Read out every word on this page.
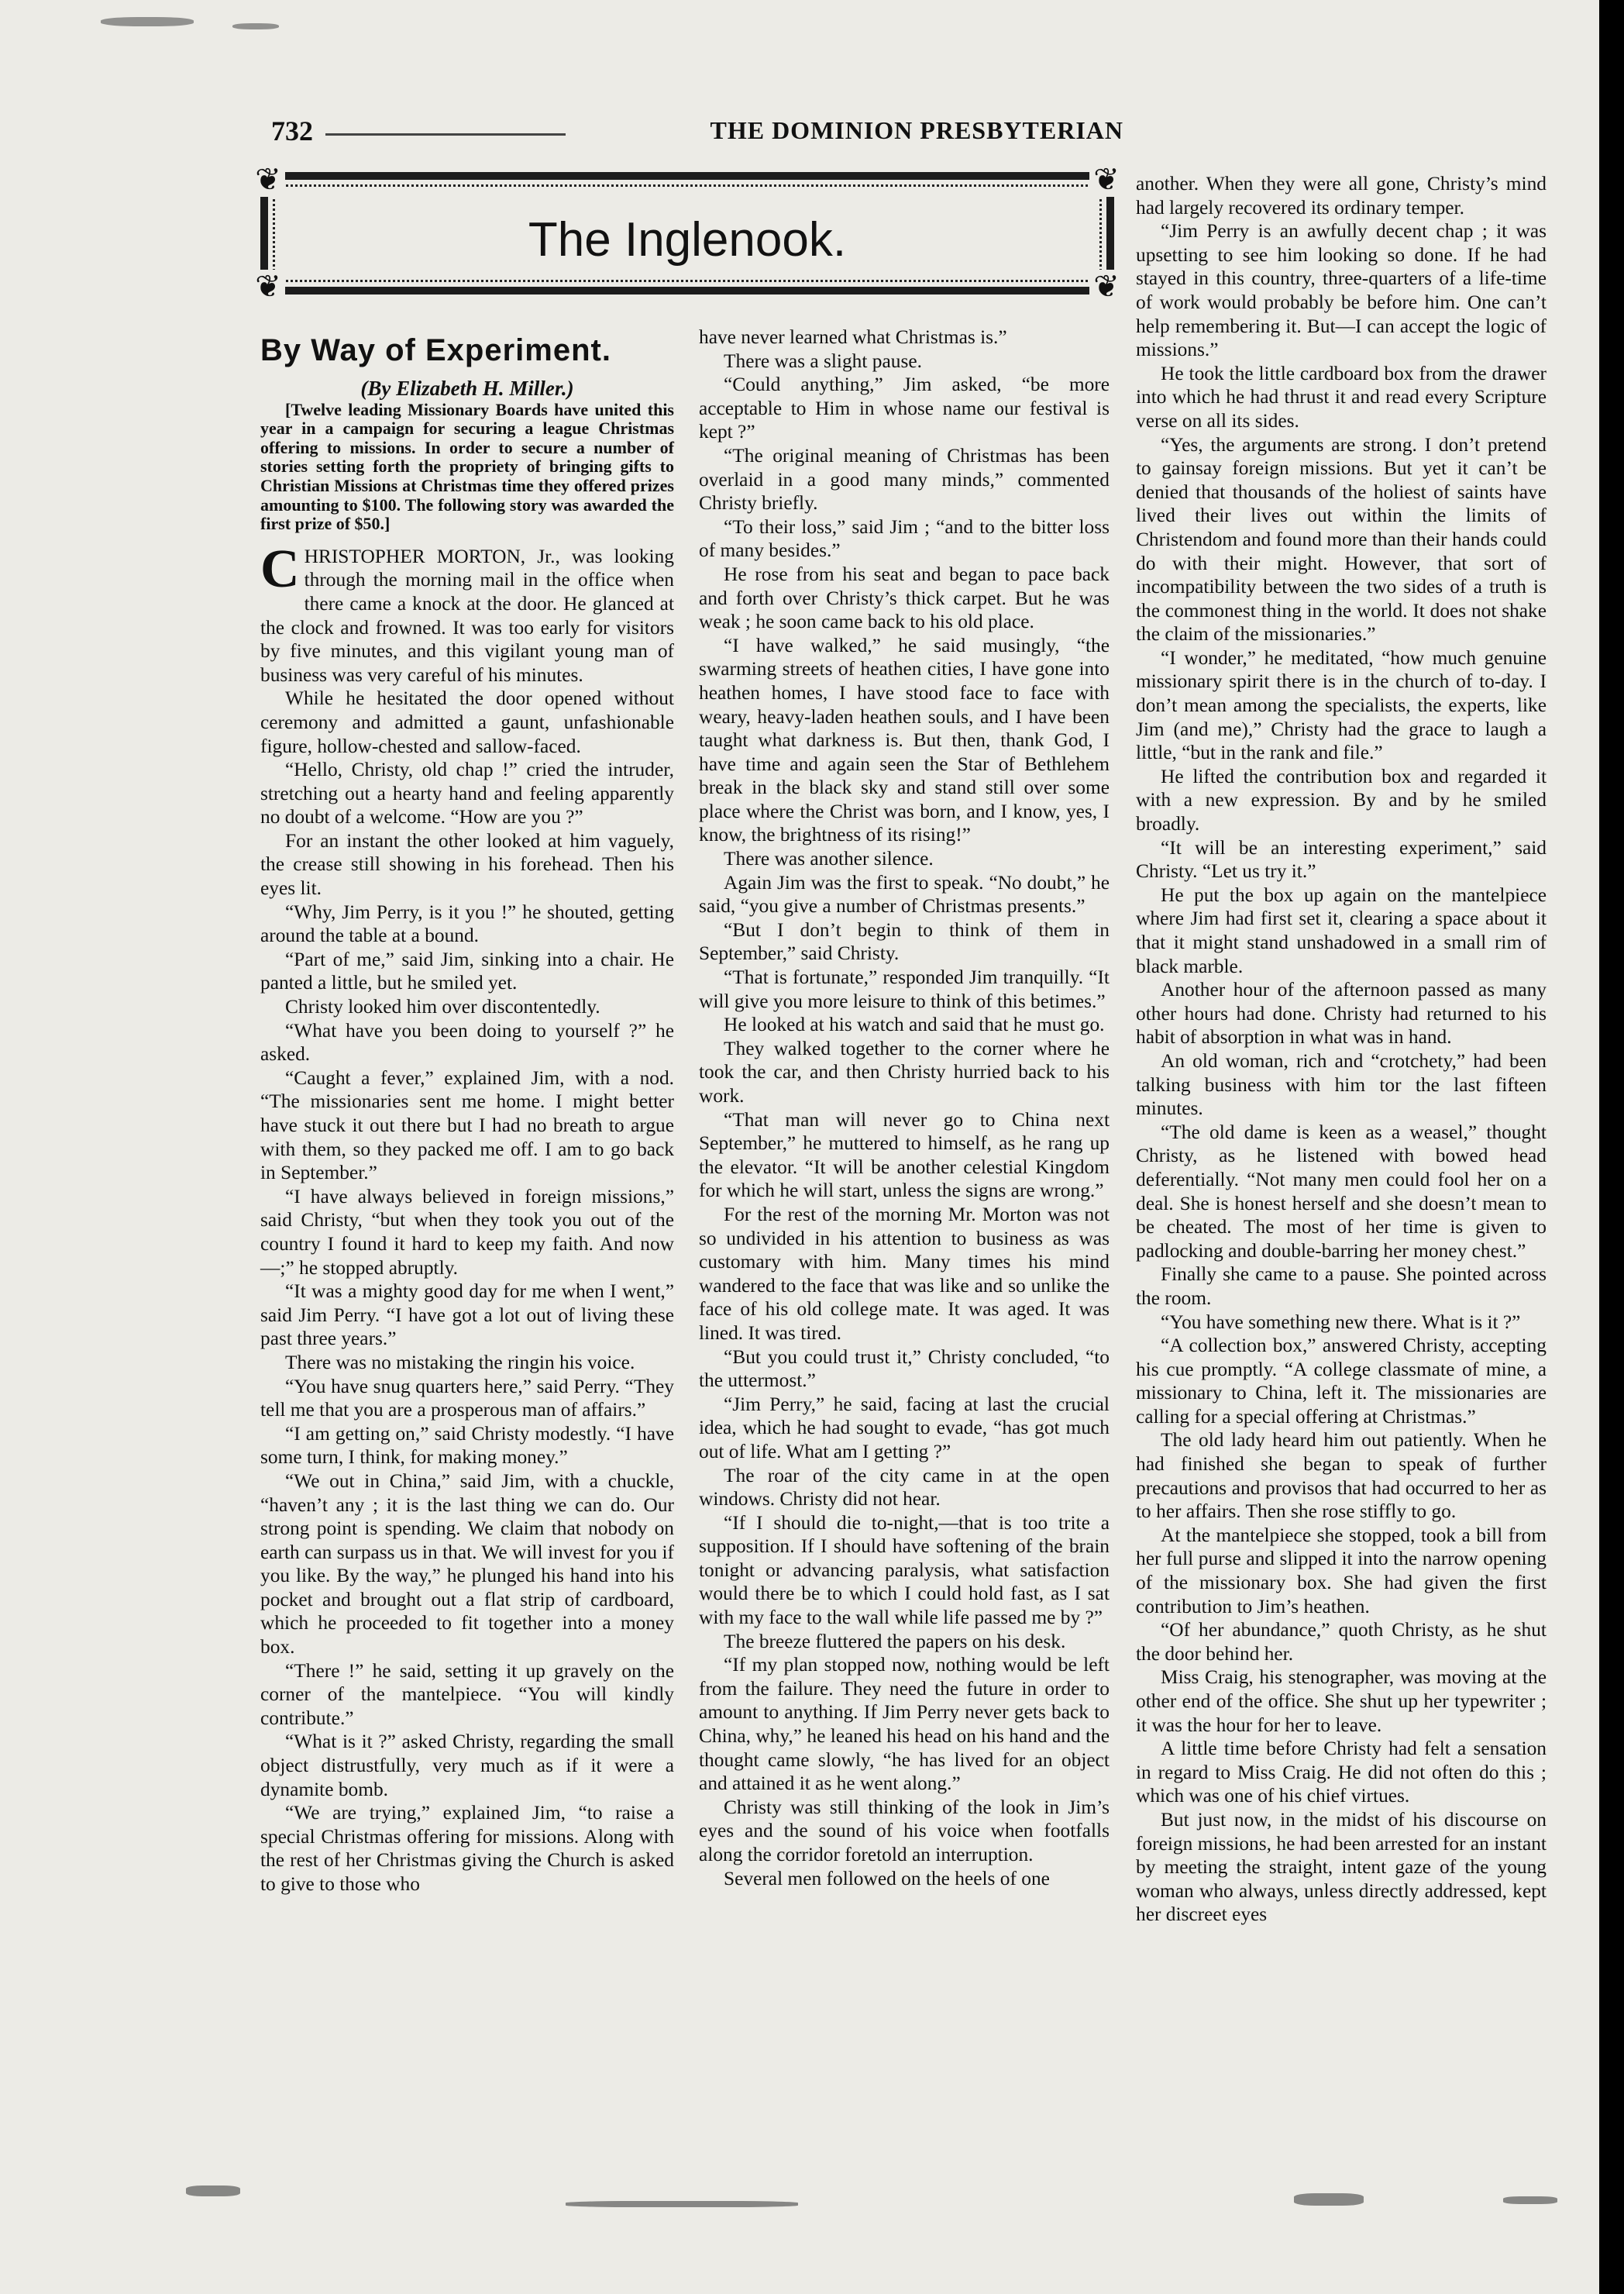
732	THE DOMINION PRESBYTERIAN
❦	❦
❦	❦
The Inglenook.
By Way of Experiment.

(By Elizabeth H. Miller.)

[Twelve leading Missionary Boards have united this year in a campaign for securing a league Christmas offering to missions. In order to secure a number of stories setting forth the propriety of bringing gifts to Christian Missions at Christmas time they offered prizes amounting to $100. The following story was awarded the first prize of $50.]

CHRISTOPHER MORTON, Jr., was looking through the morning mail in the office when there came a knock at the door. He glanced at the clock and frowned. It was too early for visitors by five minutes, and this vigilant young man of business was very careful of his minutes.

While he hesitated the door opened without ceremony and admitted a gaunt, unfashionable figure, hollow-chested and sallow-faced.

“Hello, Christy, old chap !” cried the intruder, stretching out a hearty hand and feeling apparently no doubt of a welcome. “How are you ?”

For an instant the other looked at him vaguely, the crease still showing in his forehead. Then his eyes lit.

“Why, Jim Perry, is it you !” he shouted, getting around the table at a bound.

“Part of me,” said Jim, sinking into a chair. He panted a little, but he smiled yet.

Christy looked him over discontentedly.

“What have you been doing to yourself ?” he asked.

“Caught a fever,” explained Jim, with a nod. “The missionaries sent me home. I might better have stuck it out there but I had no breath to argue with them, so they packed me off. I am to go back in September.”

“I have always believed in foreign missions,” said Christy, “but when they took you out of the country I found it hard to keep my faith. And now—;” he stopped abruptly.

“It was a mighty good day for me when I went,” said Jim Perry. “I have got a lot out of living these past three years.”

There was no mistaking the ringin his voice.

“You have snug quarters here,” said Perry. “They tell me that you are a prosperous man of affairs.”

“I am getting on,” said Christy modestly. “I have some turn, I think, for making money.”

“We out in China,” said Jim, with a chuckle, “haven’t any ; it is the last thing we can do. Our strong point is spending. We claim that nobody on earth can surpass us in that. We will invest for you if you like. By the way,” he plunged his hand into his pocket and brought out a flat strip of cardboard, which he proceeded to fit together into a money box.

“There !” he said, setting it up gravely on the corner of the mantelpiece. “You will kindly contribute.”

“What is it ?” asked Christy, regarding the small object distrustfully, very much as if it were a dynamite bomb.

“We are trying,” explained Jim, “to raise a special Christmas offering for missions. Along with the rest of her Christmas giving the Church is asked to give to those who

have never learned what Christmas is.”

There was a slight pause.

“Could anything,” Jim asked, “be more acceptable to Him in whose name our festival is kept ?”

“The original meaning of Christmas has been overlaid in a good many minds,” commented Christy briefly.

“To their loss,” said Jim ; “and to the bitter loss of many besides.”

He rose from his seat and began to pace back and forth over Christy’s thick carpet. But he was weak ; he soon came back to his old place.

“I have walked,” he said musingly, “the swarming streets of heathen cities, I have gone into heathen homes, I have stood face to face with weary, heavy-laden heathen souls, and I have been taught what darkness is. But then, thank God, I have time and again seen the Star of Bethlehem break in the black sky and stand still over some place where the Christ was born, and I know, yes, I know, the brightness of its rising!”

There was another silence.

Again Jim was the first to speak. “No doubt,” he said, “you give a number of Christmas presents.”

“But I don’t begin to think of them in September,” said Christy.

“That is fortunate,” responded Jim tranquilly. “It will give you more leisure to think of this betimes.”

He looked at his watch and said that he must go.

They walked together to the corner where he took the car, and then Christy hurried back to his work.

“That man will never go to China next September,” he muttered to himself, as he rang up the elevator. “It will be another celestial Kingdom for which he will start, unless the signs are wrong.”

For the rest of the morning Mr. Morton was not so undivided in his attention to business as was customary with him. Many times his mind wandered to the face that was like and so unlike the face of his old college mate. It was aged. It was lined. It was tired.

“But you could trust it,” Christy concluded, “to the uttermost.”

“Jim Perry,” he said, facing at last the crucial idea, which he had sought to evade, “has got much out of life. What am I getting ?”

The roar of the city came in at the open windows. Christy did not hear.

“If I should die to-night,—that is too trite a supposition. If I should have softening of the brain tonight or advancing paralysis, what satisfaction would there be to which I could hold fast, as I sat with my face to the wall while life passed me by ?”

The breeze fluttered the papers on his desk.

“If my plan stopped now, nothing would be left from the failure. They need the future in order to amount to anything. If Jim Perry never gets back to China, why,” he leaned his head on his hand and the thought came slowly, “he has lived for an object and attained it as he went along.”

Christy was still thinking of the look in Jim’s eyes and the sound of his voice when footfalls along the corridor foretold an interruption.

Several men followed on the heels of one

another. When they were all gone, Christy’s mind had largely recovered its ordinary temper.

“Jim Perry is an awfully decent chap ; it was upsetting to see him looking so done. If he had stayed in this country, three-quarters of a life-time of work would probably be before him. One can’t help remembering it. But—I can accept the logic of missions.”

He took the little cardboard box from the drawer into which he had thrust it and read every Scripture verse on all its sides.

“Yes, the arguments are strong. I don’t pretend to gainsay foreign missions. But yet it can’t be denied that thousands of the holiest of saints have lived their lives out within the limits of Christendom and found more than their hands could do with their might. However, that sort of incompatibility between the two sides of a truth is the commonest thing in the world. It does not shake the claim of the missionaries.”

“I wonder,” he meditated, “how much genuine missionary spirit there is in the church of to-day. I don’t mean among the specialists, the experts, like Jim (and me),” Christy had the grace to laugh a little, “but in the rank and file.”

He lifted the contribution box and regarded it with a new expression. By and by he smiled broadly.

“It will be an interesting experiment,” said Christy. “Let us try it.”

He put the box up again on the mantelpiece where Jim had first set it, clearing a space about it that it might stand unshadowed in a small rim of black marble.

Another hour of the afternoon passed as many other hours had done. Christy had returned to his habit of absorption in what was in hand.

An old woman, rich and “crotchety,” had been talking business with him tor the last fifteen minutes.

“The old dame is keen as a weasel,” thought Christy, as he listened with bowed head deferentially. “Not many men could fool her on a deal. She is honest herself and she doesn’t mean to be cheated. The most of her time is given to padlocking and double-barring her money chest.”

Finally she came to a pause. She pointed across the room.

“You have something new there. What is it ?”

“A collection box,” answered Christy, accepting his cue promptly. “A college classmate of mine, a missionary to China, left it. The missionaries are calling for a special offering at Christmas.”

The old lady heard him out patiently. When he had finished she began to speak of further precautions and provisos that had occurred to her as to her affairs. Then she rose stiffly to go.

At the mantelpiece she stopped, took a bill from her full purse and slipped it into the narrow opening of the missionary box. She had given the first contribution to Jim’s heathen.

“Of her abundance,” quoth Christy, as he shut the door behind her.

Miss Craig, his stenographer, was moving at the other end of the office. She shut up her typewriter ; it was the hour for her to leave.

A little time before Christy had felt a sensation in regard to Miss Craig. He did not often do this ; which was one of his chief virtues.

But just now, in the midst of his discourse on foreign missions, he had been arrested for an instant by meeting the straight, intent gaze of the young woman who always, unless directly addressed, kept her discreet eyes
